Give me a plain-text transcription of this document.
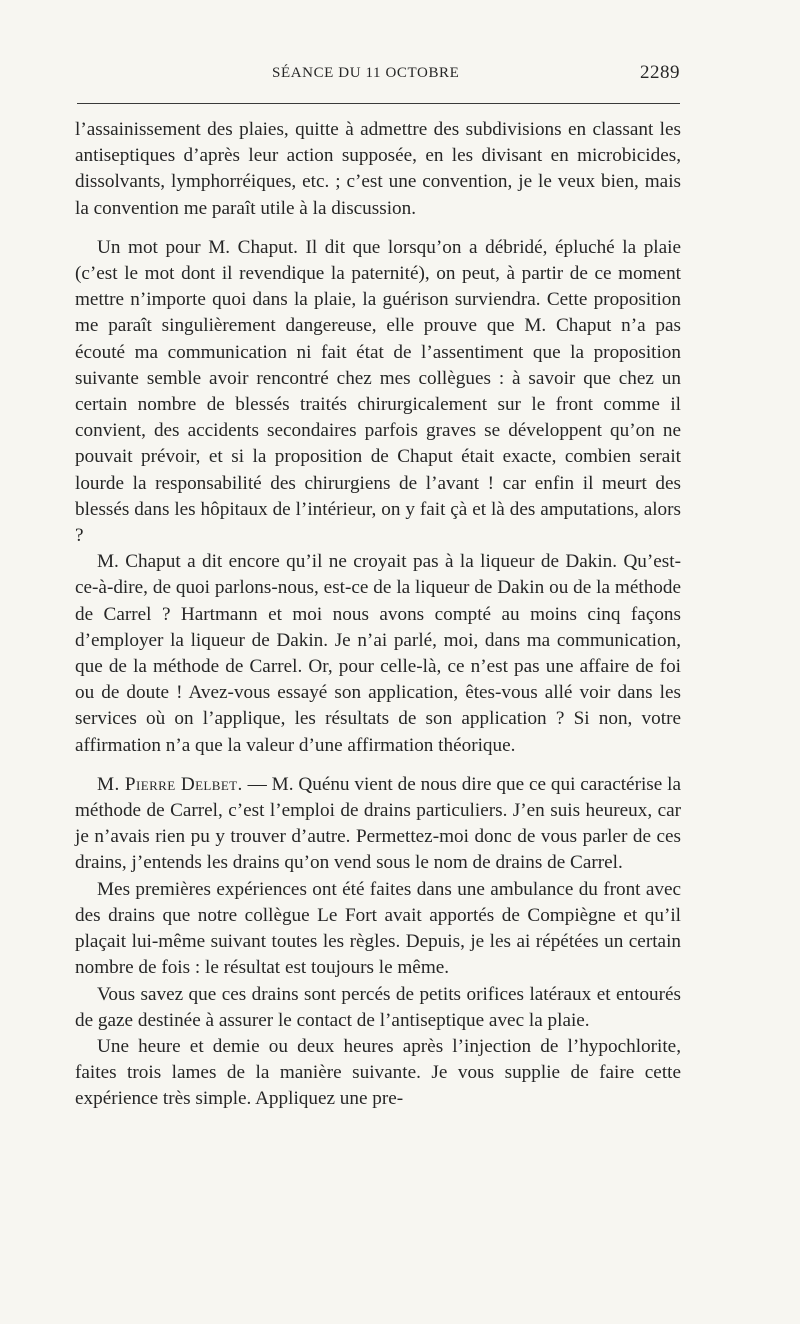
SÉANCE DU 11 OCTOBRE	2289

l’assainissement des plaies, quitte à admettre des subdivisions en classant les antiseptiques d’après leur action supposée, en les divisant en microbicides, dissolvants, lymphorréiques, etc. ; c’est une convention, je le veux bien, mais la convention me paraît utile à la discussion.

Un mot pour M. Chaput. Il dit que lorsqu’on a débridé, épluché la plaie (c’est le mot dont il revendique la paternité), on peut, à partir de ce moment mettre n’importe quoi dans la plaie, la guérison surviendra. Cette proposition me paraît singulièrement dangereuse, elle prouve que M. Chaput n’a pas écouté ma communication ni fait état de l’assentiment que la proposition suivante semble avoir rencontré chez mes collègues : à savoir que chez un certain nombre de blessés traités chirurgicalement sur le front comme il convient, des accidents secondaires parfois graves se développent qu’on ne pouvait prévoir, et si la proposition de Chaput était exacte, combien serait lourde la responsabilité des chirurgiens de l’avant ! car enfin il meurt des blessés dans les hôpitaux de l’intérieur, on y fait çà et là des amputations, alors ?

M. Chaput a dit encore qu’il ne croyait pas à la liqueur de Dakin. Qu’est-ce-à-dire, de quoi parlons-nous, est-ce de la liqueur de Dakin ou de la méthode de Carrel ? Hartmann et moi nous avons compté au moins cinq façons d’employer la liqueur de Dakin. Je n’ai parlé, moi, dans ma communication, que de la méthode de Carrel. Or, pour celle-là, ce n’est pas une affaire de foi ou de doute ! Avez-vous essayé son application, êtes-vous allé voir dans les services où on l’applique, les résultats de son application ? Si non, votre affirmation n’a que la valeur d’une affirmation théorique.

M. Pierre Delbet. — M. Quénu vient de nous dire que ce qui caractérise la méthode de Carrel, c’est l’emploi de drains particuliers. J’en suis heureux, car je n’avais rien pu y trouver d’autre. Permettez-moi donc de vous parler de ces drains, j’entends les drains qu’on vend sous le nom de drains de Carrel.

Mes premières expériences ont été faites dans une ambulance du front avec des drains que notre collègue Le Fort avait apportés de Compiègne et qu’il plaçait lui-même suivant toutes les règles. Depuis, je les ai répétées un certain nombre de fois : le résultat est toujours le même.

Vous savez que ces drains sont percés de petits orifices latéraux et entourés de gaze destinée à assurer le contact de l’antiseptique avec la plaie.

Une heure et demie ou deux heures après l’injection de l’hypochlorite, faites trois lames de la manière suivante. Je vous supplie de faire cette expérience très simple. Appliquez une pre-
